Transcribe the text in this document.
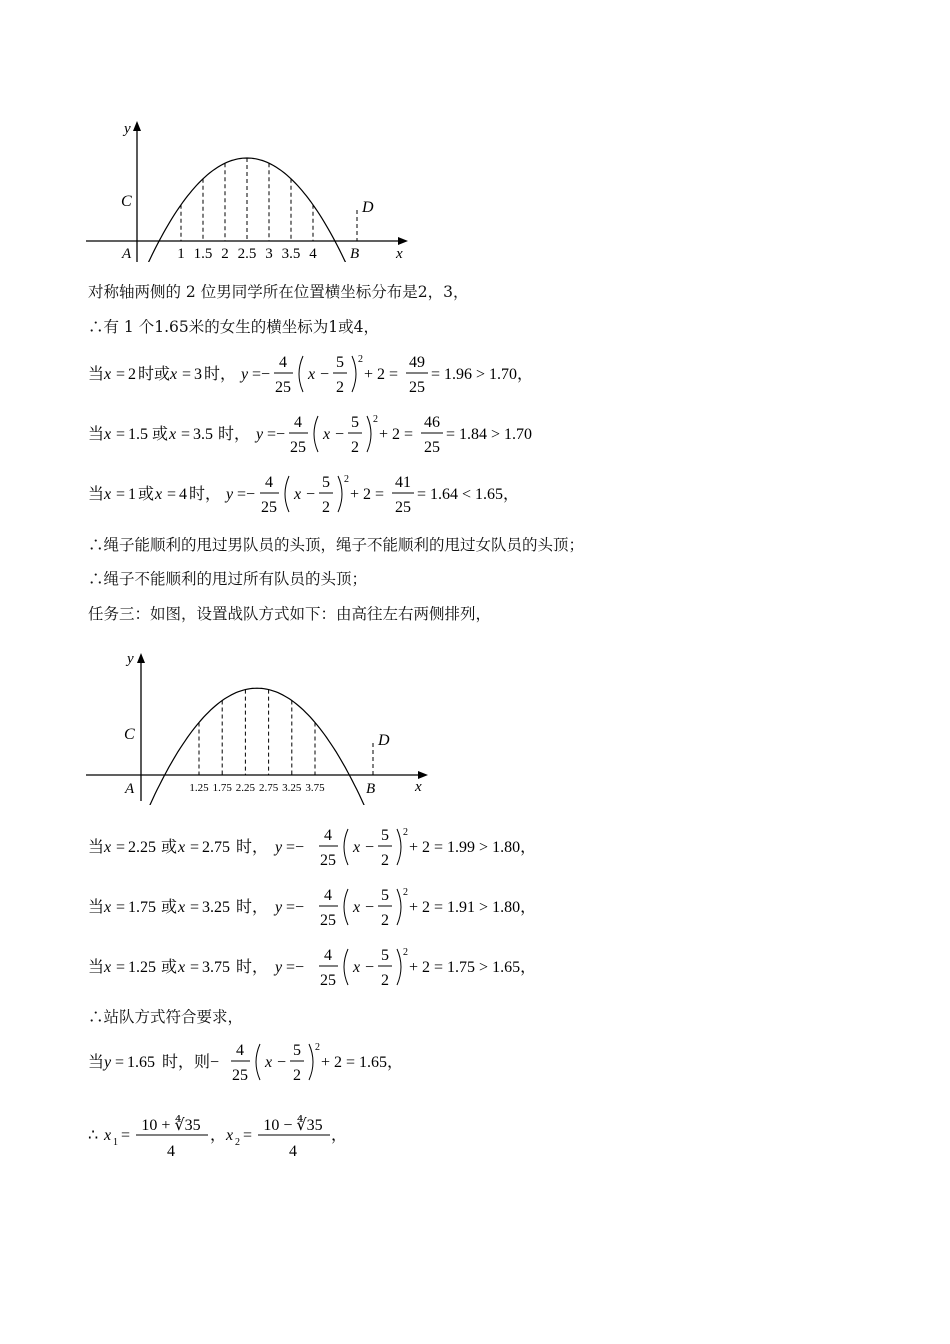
y
x
C	D
A	B
1 1.5 2 2.5 3 3.5 4
对称轴两侧的 2 位男同学所在位置横坐标分布是2，3，
∴有 1 个1.65米的女生的横坐标为1或4，
当 x = 2 时或 x = 3 时， y =−
4
25
x −
5
2
2
+ 2 =
49
25
= 1.96 > 1.70，
当 x = 1.5 或 x = 3.5 时， y =−
4
25
x −
5
2
2
+ 2 =
46
25
= 1.84 > 1.70
当 x = 1 或 x = 4 时， y =−
4
25
x −
5
2
2
+ 2 =
41
25
= 1.64 < 1.65，
∴绳子能顺利的甩过男队员的头顶，绳子不能顺利的甩过女队员的头顶；
∴绳子不能顺利的甩过所有队员的头顶；
任务三：如图，设置战队方式如下：由高往左右两侧排列，
y
x
C	D
A	B
1.25 1.75 2.25 2.75 3.25 3.75
当 x = 2.25 或 x = 2.75 时， y =−
4
25
x −
5
2
2
+ 2 = 1.99 > 1.80，
当 x = 1.75 或 x = 3.25 时， y =−
4
25
x −
5
2
2
+ 2 = 1.91 > 1.80，
当 x = 1.25 或 x = 3.75 时， y =−
4
25
x −
5
2
2
+ 2 = 1.75 > 1.65，
∴站队方式符合要求，
当 y = 1.65 时，则−
4
25
x −
5
2
2
+ 2 = 1.65，
∴ x 1 =
10 + ∜35
4
， x 2 =
10 − ∜35
4
，
